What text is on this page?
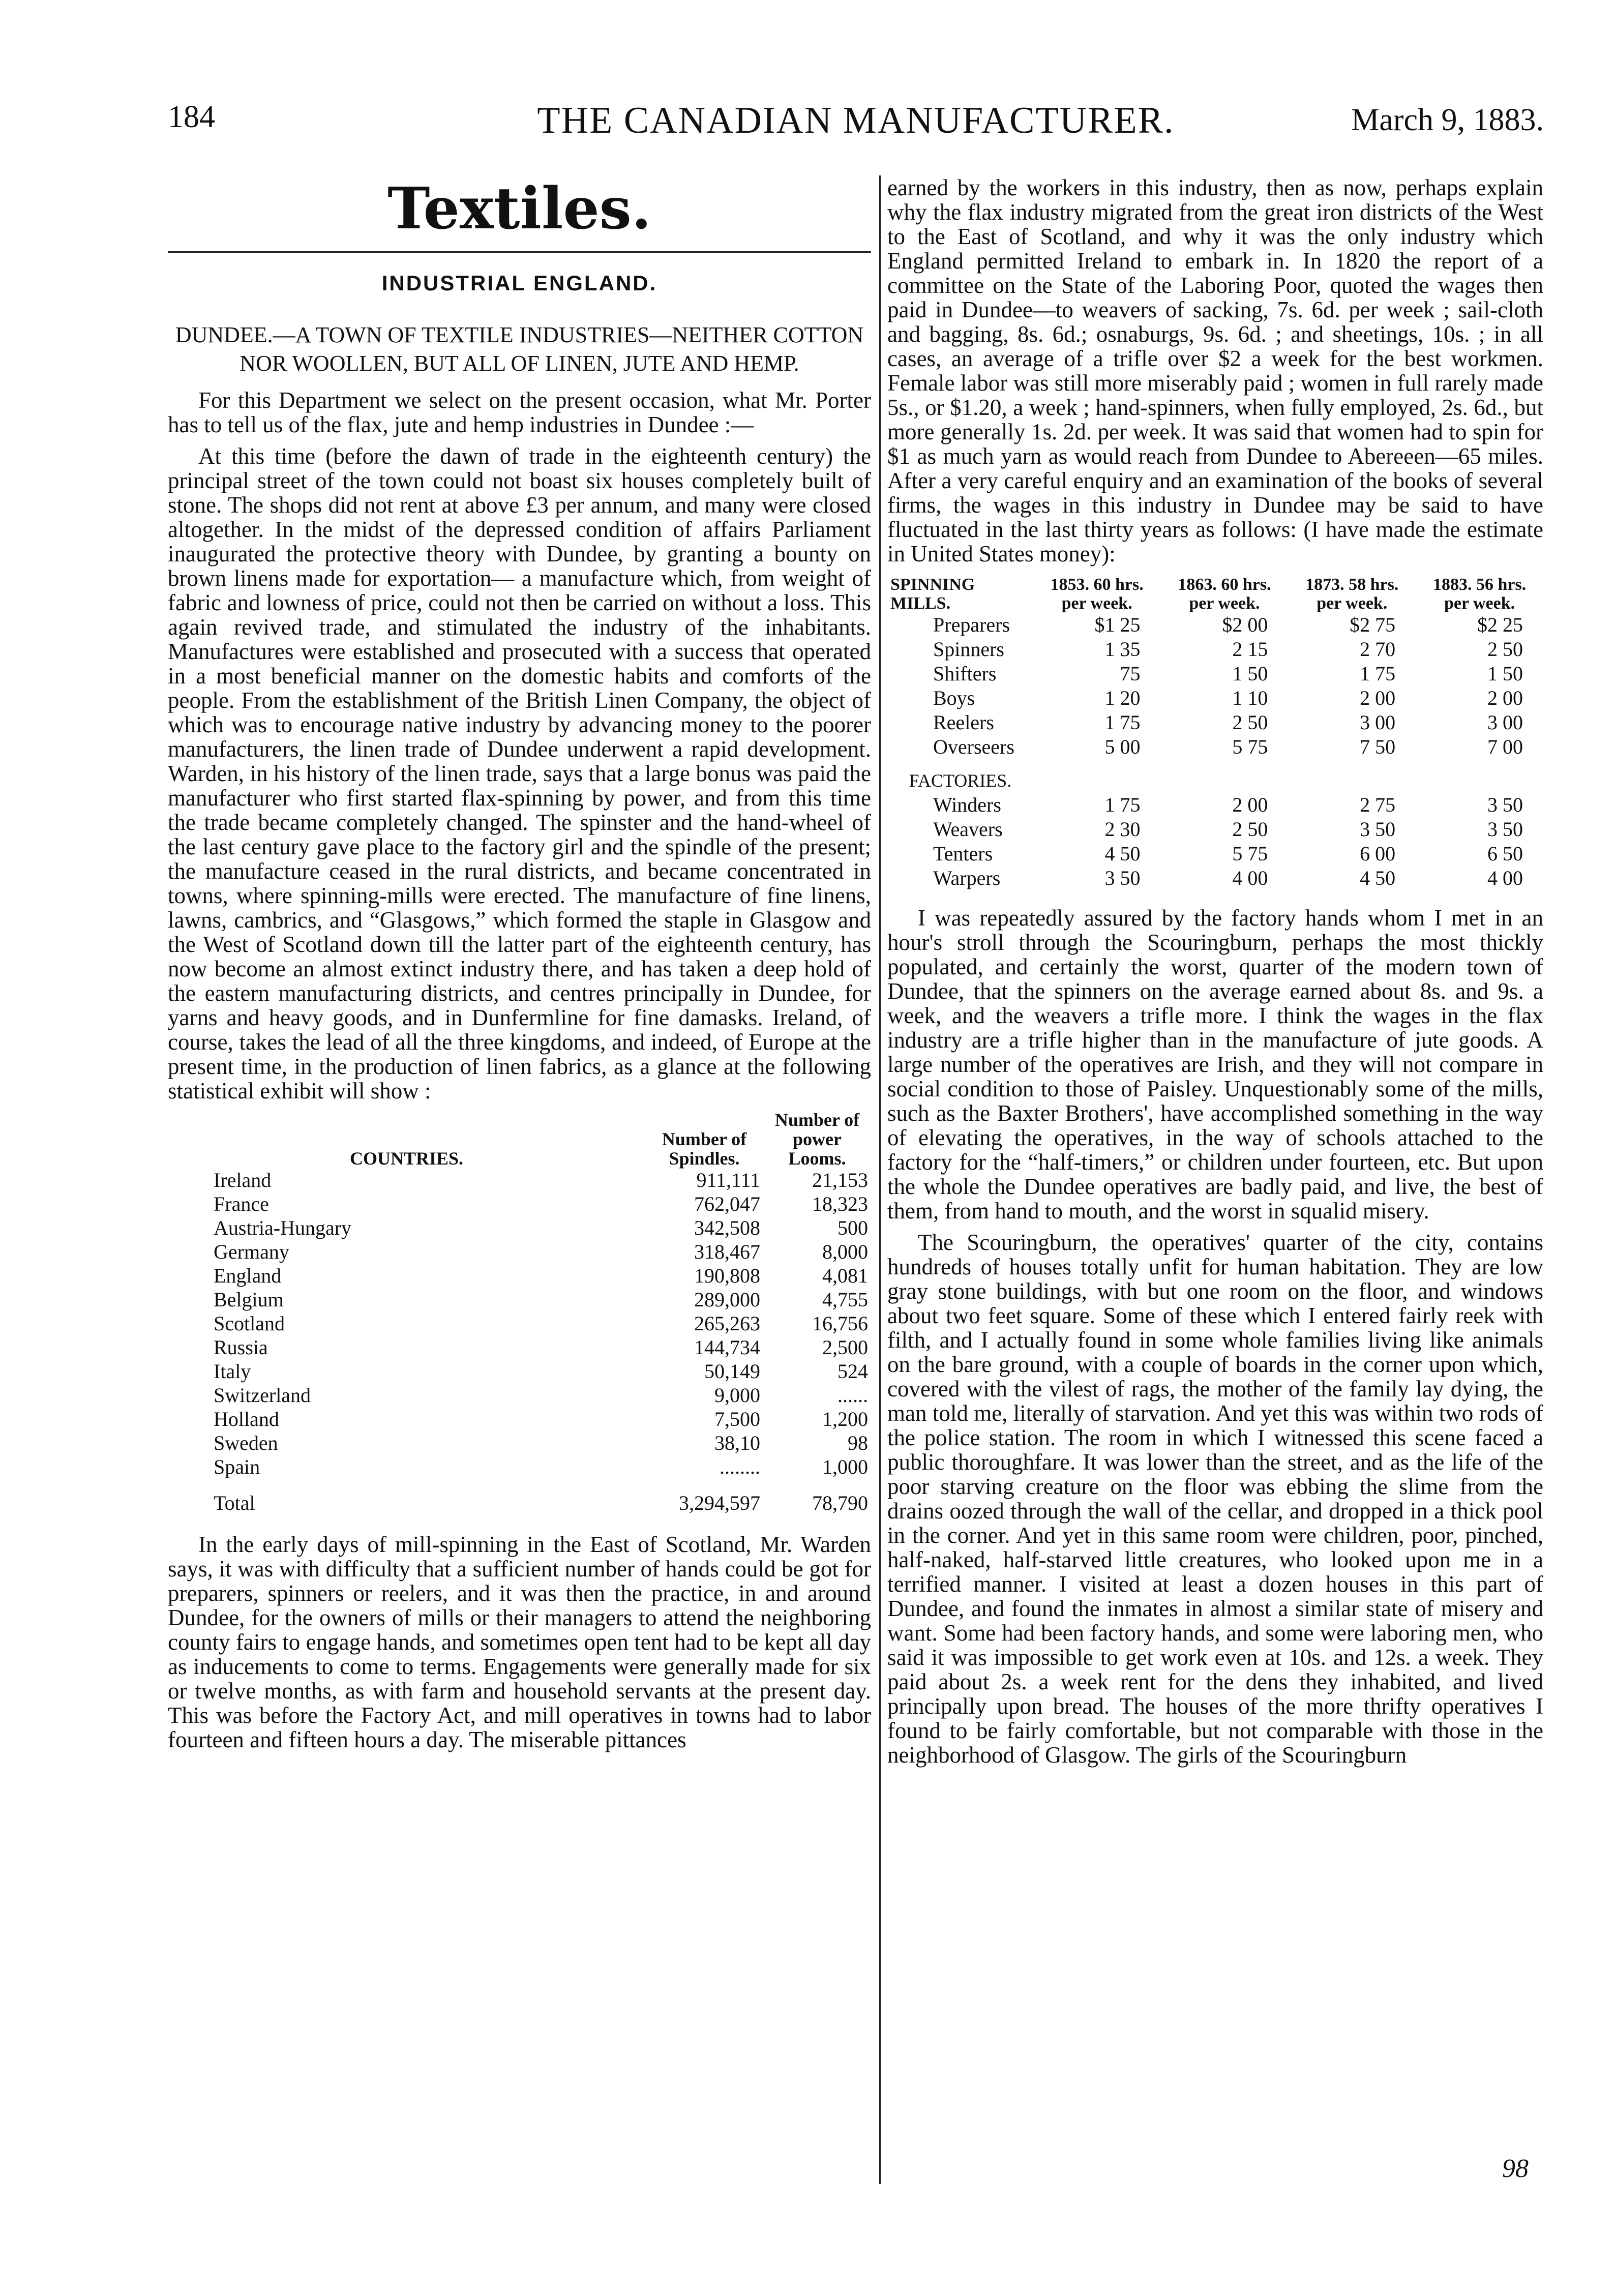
184	THE CANADIAN MANUFACTURER.	March 9, 1883.
Textiles.
INDUSTRIAL ENGLAND.
DUNDEE.—A TOWN OF TEXTILE INDUSTRIES—NEITHER COTTON NOR WOOLLEN, BUT ALL OF LINEN, JUTE AND HEMP.

For this Department we select on the present occasion, what Mr. Porter has to tell us of the flax, jute and hemp industries in Dundee :—

At this time (before the dawn of trade in the eighteenth century) the principal street of the town could not boast six houses completely built of stone. The shops did not rent at above £3 per annum, and many were closed altogether. In the midst of the depressed condition of affairs Parliament inaugurated the protective theory with Dundee, by granting a bounty on brown linens made for exportation— a manufacture which, from weight of fabric and lowness of price, could not then be carried on without a loss. This again revived trade, and stimulated the industry of the inhabitants. Manufactures were established and prosecuted with a success that operated in a most beneficial manner on the domestic habits and comforts of the people. From the establishment of the British Linen Company, the object of which was to encourage native industry by advancing money to the poorer manufacturers, the linen trade of Dundee underwent a rapid development. Warden, in his history of the linen trade, says that a large bonus was paid the manufacturer who first started flax-spinning by power, and from this time the trade became completely changed. The spinster and the hand-wheel of the last century gave place to the factory girl and the spindle of the present; the manufacture ceased in the rural districts, and became concentrated in towns, where spinning-mills were erected. The manufacture of fine linens, lawns, cambrics, and “Glasgows,” which formed the staple in Glasgow and the West of Scotland down till the latter part of the eighteenth century, has now become an almost extinct industry there, and has taken a deep hold of the eastern manufacturing districts, and centres principally in Dundee, for yarns and heavy goods, and in Dunfermline for fine damasks. Ireland, of course, takes the lead of all the three kingdoms, and indeed, of Europe at the present time, in the production of linen fabrics, as a glance at the following statistical exhibit will show :

COUNTRIES.	Number of Spindles.	Number of power Looms.
Ireland	911,111	21,153
France	762,047	18,323
Austria-Hungary	342,508	500
Germany	318,467	8,000
England	190,808	4,081
Belgium	289,000	4,755
Scotland	265,263	16,756
Russia	144,734	2,500
Italy	50,149	524
Switzerland	9,000	......
Holland	7,500	1,200
Sweden	38,10	98
Spain	........	1,000
Total	3,294,597	78,790

In the early days of mill-spinning in the East of Scotland, Mr. Warden says, it was with difficulty that a sufficient number of hands could be got for preparers, spinners or reelers, and it was then the practice, in and around Dundee, for the owners of mills or their managers to attend the neighboring county fairs to engage hands, and sometimes open tent had to be kept all day as inducements to come to terms. Engagements were generally made for six or twelve months, as with farm and household servants at the present day. This was before the Factory Act, and mill operatives in towns had to labor fourteen and fifteen hours a day. The miserable pittances

earned by the workers in this industry, then as now, perhaps explain why the flax industry migrated from the great iron districts of the West to the East of Scotland, and why it was the only industry which England permitted Ireland to embark in. In 1820 the report of a committee on the State of the Laboring Poor, quoted the wages then paid in Dundee—to weavers of sacking, 7s. 6d. per week ; sail-cloth and bagging, 8s. 6d.; osnaburgs, 9s. 6d. ; and sheetings, 10s. ; in all cases, an average of a trifle over $2 a week for the best workmen. Female labor was still more miserably paid ; women in full rarely made 5s., or $1.20, a week ; hand-spinners, when fully employed, 2s. 6d., but more generally 1s. 2d. per week. It was said that women had to spin for $1 as much yarn as would reach from Dundee to Abereeen—65 miles. After a very careful enquiry and an examination of the books of several firms, the wages in this industry in Dundee may be said to have fluctuated in the last thirty years as follows: (I have made the estimate in United States money):

SPINNING MILLS.	1853. 60 hrs. per week.	1863. 60 hrs. per week.	1873. 58 hrs. per week.	1883. 56 hrs. per week.
Preparers	$1 25	$2 00	$2 75	$2 25
Spinners	1 35	2 15	2 70	2 50
Shifters	75	1 50	1 75	1 50
Boys	1 20	1 10	2 00	2 00
Reelers	1 75	2 50	3 00	3 00
Overseers	5 00	5 75	7 50	7 00
FACTORIES.				
Winders	1 75	2 00	2 75	3 50
Weavers	2 30	2 50	3 50	3 50
Tenters	4 50	5 75	6 00	6 50
Warpers	3 50	4 00	4 50	4 00

I was repeatedly assured by the factory hands whom I met in an hour's stroll through the Scouringburn, perhaps the most thickly populated, and certainly the worst, quarter of the modern town of Dundee, that the spinners on the average earned about 8s. and 9s. a week, and the weavers a trifle more. I think the wages in the flax industry are a trifle higher than in the manufacture of jute goods. A large number of the operatives are Irish, and they will not compare in social condition to those of Paisley. Unquestionably some of the mills, such as the Baxter Brothers', have accomplished something in the way of elevating the operatives, in the way of schools attached to the factory for the “half-timers,” or children under fourteen, etc. But upon the whole the Dundee operatives are badly paid, and live, the best of them, from hand to mouth, and the worst in squalid misery.

The Scouringburn, the operatives' quarter of the city, contains hundreds of houses totally unfit for human habitation. They are low gray stone buildings, with but one room on the floor, and windows about two feet square. Some of these which I entered fairly reek with filth, and I actually found in some whole families living like animals on the bare ground, with a couple of boards in the corner upon which, covered with the vilest of rags, the mother of the family lay dying, the man told me, literally of starvation. And yet this was within two rods of the police station. The room in which I witnessed this scene faced a public thoroughfare. It was lower than the street, and as the life of the poor starving creature on the floor was ebbing the slime from the drains oozed through the wall of the cellar, and dropped in a thick pool in the corner. And yet in this same room were children, poor, pinched, half-naked, half-starved little creatures, who looked upon me in a terrified manner. I visited at least a dozen houses in this part of Dundee, and found the inmates in almost a similar state of misery and want. Some had been factory hands, and some were laboring men, who said it was impossible to get work even at 10s. and 12s. a week. They paid about 2s. a week rent for the dens they inhabited, and lived principally upon bread. The houses of the more thrifty operatives I found to be fairly comfortable, but not comparable with those in the neighborhood of Glasgow. The girls of the Scouringburn

98
